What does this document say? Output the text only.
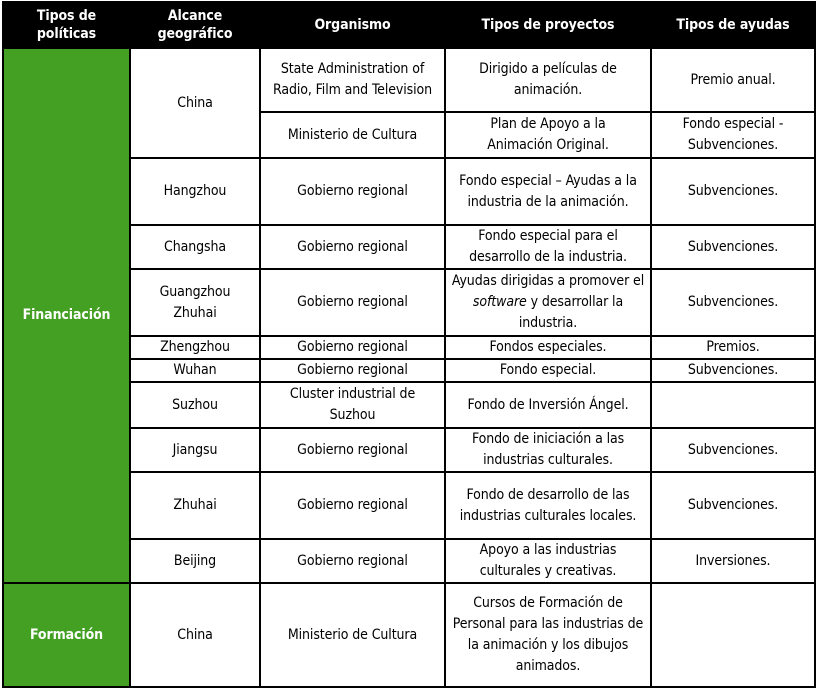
Tipos de políticas	Alcance geográfico	Organismo	Tipos de proyectos	Tipos de ayudas
Financiación	China	State Administration of Radio, Film and Television	Dirigido a películas de animación.	Premio anual.
		Ministerio de Cultura	Plan de Apoyo a la Animación Original.	Fondo especial - Subvenciones.
	Hangzhou	Gobierno regional	Fondo especial – Ayudas a la industria de la animación.	Subvenciones.
	Changsha	Gobierno regional	Fondo especial para el desarrollo de la industria.	Subvenciones.
	Guangzhou Zhuhai	Gobierno regional	Ayudas dirigidas a promover el software y desarrollar la industria.	Subvenciones.
	Zhengzhou	Gobierno regional	Fondos especiales.	Premios.
	Wuhan	Gobierno regional	Fondo especial.	Subvenciones.
	Suzhou	Cluster industrial de Suzhou	Fondo de Inversión Ángel.	
	Jiangsu	Gobierno regional	Fondo de iniciación a las industrias culturales.	Subvenciones.
	Zhuhai	Gobierno regional	Fondo de desarrollo de las industrias culturales locales.	Subvenciones.
	Beijing	Gobierno regional	Apoyo a las industrias culturales y creativas.	Inversiones.
Formación	China	Ministerio de Cultura	Cursos de Formación de Personal para las industrias de la animación y los dibujos animados.	
